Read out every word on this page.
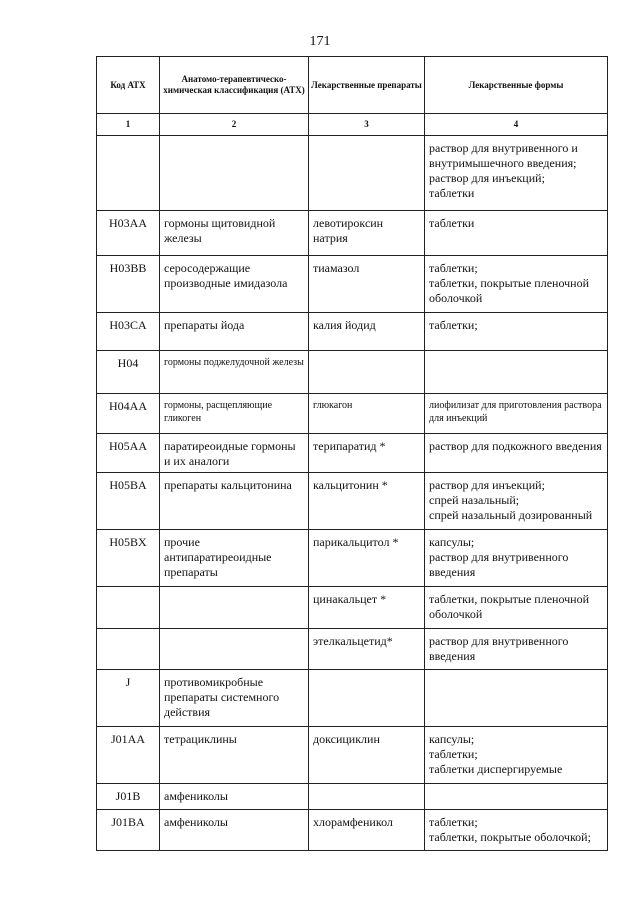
171
Код АТХ	Анатомо-терапевтическо-химическая классификация (АТХ)	Лекарственные препараты	Лекарственные формы
1	2	3	4

			раствор для внутривенного и внутримышечного введения;
раствор для инъекций;
таблетки

H03AA	гормоны щитовидной железы	левотироксин натрия	таблетки

H03BB	серосодержащие производные имидазола	тиамазол	таблетки;
таблетки, покрытые пленочной оболочкой

H03CA	препараты йода	калия йодид	таблетки;

H04	гормоны поджелудочной железы		
H04AA	гормоны, расщепляющие гликоген	глюкагон	лиофилизат для приготовления раствора для инъекций

H05AA	паратиреоидные гормоны и их аналоги	терипаратид *	раствор для подкожного введения

H05BA	препараты кальцитонина	кальцитонин *	раствор для инъекций;
спрей назальный;
спрей назальный дозированный

H05BX	прочие антипаратиреоидные препараты	парикальцитол *	капсулы;
раствор для внутривенного введения

		цинакальцет *	таблетки, покрытые пленочной оболочкой

		этелкальцетид*	раствор для внутривенного введения

J	противомикробные препараты системного действия		
J01AA	тетрациклины	доксициклин	капсулы;
таблетки;
таблетки диспергируемые

J01B	амфениколы		
J01BA	амфениколы	хлорамфеникол	таблетки;
таблетки, покрытые оболочкой;
